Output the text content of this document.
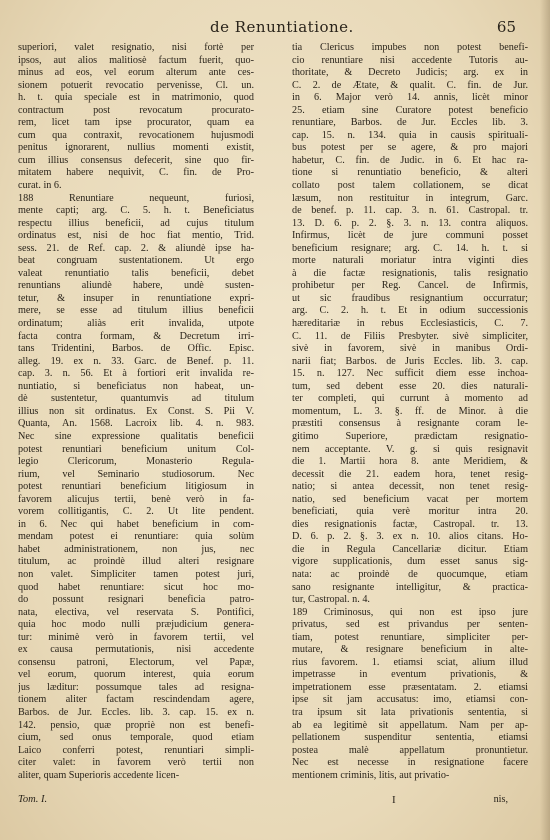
de Renuntiatione.	65
superiori, valet resignatio, nisi fortè per
ipsos, aut alios malitiosè factum fuerit, quo-
minus ad eos, vel eorum alterum ante ces-
sionem potuerit revocatio pervenisse, Cl. un.
h. t. quia speciale est in matrimonio, quod
contractum post revocatum procurato-
rem, licet tam ipse procurator, quam ea
cum qua contraxit, revocationem hujusmodi
penitus ignorarent, nullius momenti existit,
cum illius consensus defecerit, sine quo fir-
mitatem habere nequivit, C. fin. de Pro-
curat. in 6.
188 Renuntiare nequeunt, furiosi,
mente capti; arg. C. 5. h. t. Beneficiatus
respectu illius beneficii, ad cujus titulum
ordinatus est, nisi de hoc fiat mentio, Trid.
sess. 21. de Ref. cap. 2. & aliundè ipse ha-
beat congruam sustentationem. Ut ergo
valeat renuntiatio talis beneficii, debet
renuntians aliundè habere, undè susten-
tetur, & insuper in renuntiatione expri-
mere, se esse ad titulum illius beneficii
ordinatum; aliàs erit invalida, utpote
facta contra formam, & Decretum irri-
tans Tridentini, Barbos. de Offic. Episc.
alleg. 19. ex n. 33. Garc. de Benef. p. 11.
cap. 3. n. 56. Et à fortiori erit invalida re-
nuntiatio, si beneficiatus non habeat, un-
dè sustentetur, quantumvis ad titulum
illius non sit ordinatus. Ex Const. S. Pii V.
Quanta, An. 1568. Lacroix lib. 4. n. 983.
Nec sine expressione qualitatis beneficii
potest renuntiari beneficium unitum Col-
legio Clericorum, Monasterio Regula-
rium, vel Seminario studiosorum. Nec
potest renuntiari beneficium litigiosum in
favorem alicujus tertii, benè verò in fa-
vorem collitigantis, C. 2. Ut lite pendent.
in 6. Nec qui habet beneficium in com-
mendam potest ei renuntiare: quia solùm
habet administrationem, non jus, nec
titulum, ac proindè illud alteri resignare
non valet. Simpliciter tamen potest juri,
quod habet renuntiare: sicut hoc mo-
do possunt resignari beneficia patro-
nata, electiva, vel reservata S. Pontifici,
quia hoc modo nulli præjudicium genera-
tur: minimè verò in favorem tertii, vel
ex causa permutationis, nisi accedente
consensu patroni, Electorum, vel Papæ,
vel eorum, quorum interest, quia eorum
jus læditur: possumque tales ad resigna-
tionem aliter factam rescindendam agere,
Barbos. de Jur. Eccles. lib. 3. cap. 15. ex n.
142. pensio, quæ propriè non est benefi-
cium, sed onus temporale, quod etiam
Laico conferri potest, renuntiari simpli-
citer valet: in favorem verò tertii non
aliter, quam Superioris accedente licen-
tia Clericus impubes non potest benefi-
cio renuntiare nisi accedente Tutoris au-
thoritate, & Decreto Judicis; arg. ex in
C. 2. de Ætate, & qualit. C. fin. de Jur.
in 6. Major verò 14. annis, licèt minor
25. etiam sine Curatore potest beneficio
renuntiare, Barbos. de Jur. Eccles lib. 3.
cap. 15. n. 134. quia in causis spirituali-
bus potest per se agere, & pro majori
habetur, C. fin. de Judic. in 6. Et hac ra-
tione si renuntiatio beneficio, & alteri
collato post talem collationem, se dicat
læsum, non restituitur in integrum, Garc.
de benef. p. 11. cap. 3. n. 61. Castropal. tr.
13. D. 6. p. 2. §. 3. n. 13. contra aliquos.
Infirmus, licèt de jure communi posset
beneficium resignare; arg. C. 14. h. t. si
morte naturali moriatur intra viginti dies
à die factæ resignationis, talis resignatio
prohibetur per Reg. Cancel. de Infirmis,
ut sic fraudibus resignantium occurratur;
arg. C. 2. h. t. Et in odium successionis
hæreditariæ in rebus Ecclesiasticis, C. 7.
C. 11. de Filiis Presbyter. sivè simpliciter,
sivè in favorem, sivè in manibus Ordi-
narii fiat; Barbos. de Juris Eccles. lib. 3. cap.
15. n. 127. Nec sufficit diem esse inchoa-
tum, sed debent esse 20. dies naturali-
ter completi, qui currunt à momento ad
momentum, L. 3. §. ff. de Minor. à die
præstiti consensus à resignante coram le-
gitimo Superiore, prædictam resignatio-
nem acceptante. V. g. si quis resignavit
die 1. Martii hora 8. ante Meridiem, &
decessit die 21. eadem hora, tenet resig-
natio; si antea decessit, non tenet resig-
natio, sed beneficium vacat per mortem
beneficiati, quia verè moritur intra 20.
dies resignationis factæ, Castropal. tr. 13.
D. 6. p. 2. §. 3. ex n. 10. alios citans. Ho-
die in Regula Cancellariæ dicitur. Etiam
vigore supplicationis, dum esset sanus sig-
nata: ac proindè de quocumque, etiam
sano resignante intelligitur, & practica-
tur, Castropal. n. 4.
189 Criminosus, qui non est ipso jure
privatus, sed est privandus per senten-
tiam, potest renuntiare, simpliciter per-
mutare, & resignare beneficium in alte-
rius favorem. 1. etiamsi sciat, alium illud
impetrasse in eventum privationis, &
impetrationem esse præsentatam. 2. etiamsi
ipse sit jam accusatus: imo, etiamsi con-
tra ipsum sit lata privationis sententia, si
ab ea legitimè sit appellatum. Nam per ap-
pellationem suspenditur sententia, etiamsi
postea malè appellatum pronuntietur.
Nec est necesse in resignatione facere
mentionem criminis, litis, aut privatio-
Tom. I.	I	nis,
